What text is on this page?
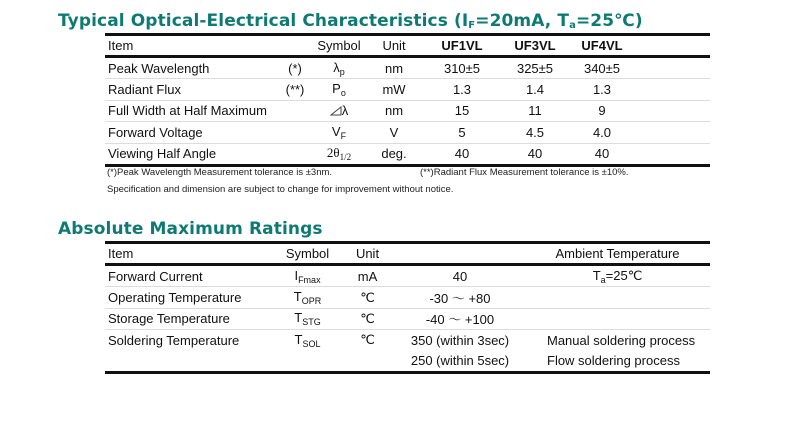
Typical Optical-Electrical Characteristics ($I_F=20mA$, $T_a=25℃$)
Item		Symbol	Unit	UF1VL	UF3VL	UF4VL	
Peak Wavelength	(*)	$\lambda_p$	nm	310±5	325±5	340±5	
Radiant Flux	(**)	$P_o$	mW	1.3	1.4	1.3	
Full Width at Half Maximum		λ	nm	15	11	9	
Forward Voltage		$V_F$	V	5	4.5	4.0	
Viewing Half Angle		$2\theta_{1/2}$	deg.	40	40	40	
(*)Peak Wavelength Measurement tolerance is ±3nm.	(**)Radiant Flux Measurement tolerance is ±10%.
Specification and dimension are subject to change for improvement without notice.
Absolute Maximum Ratings
Item	Symbol	Unit		Ambient Temperature
Forward Current	$I_{Fmax}$	mA	40	$T_a=25℃$
Operating Temperature	$T_{OPR}$	℃	-30 ～ +80	
Storage Temperature	$T_{STG}$	℃	-40 ～ +100	
Soldering Temperature	$T_{SOL}$	℃	350 (within 3sec)	Manual soldering process
			250 (within 5sec)	Flow soldering process
